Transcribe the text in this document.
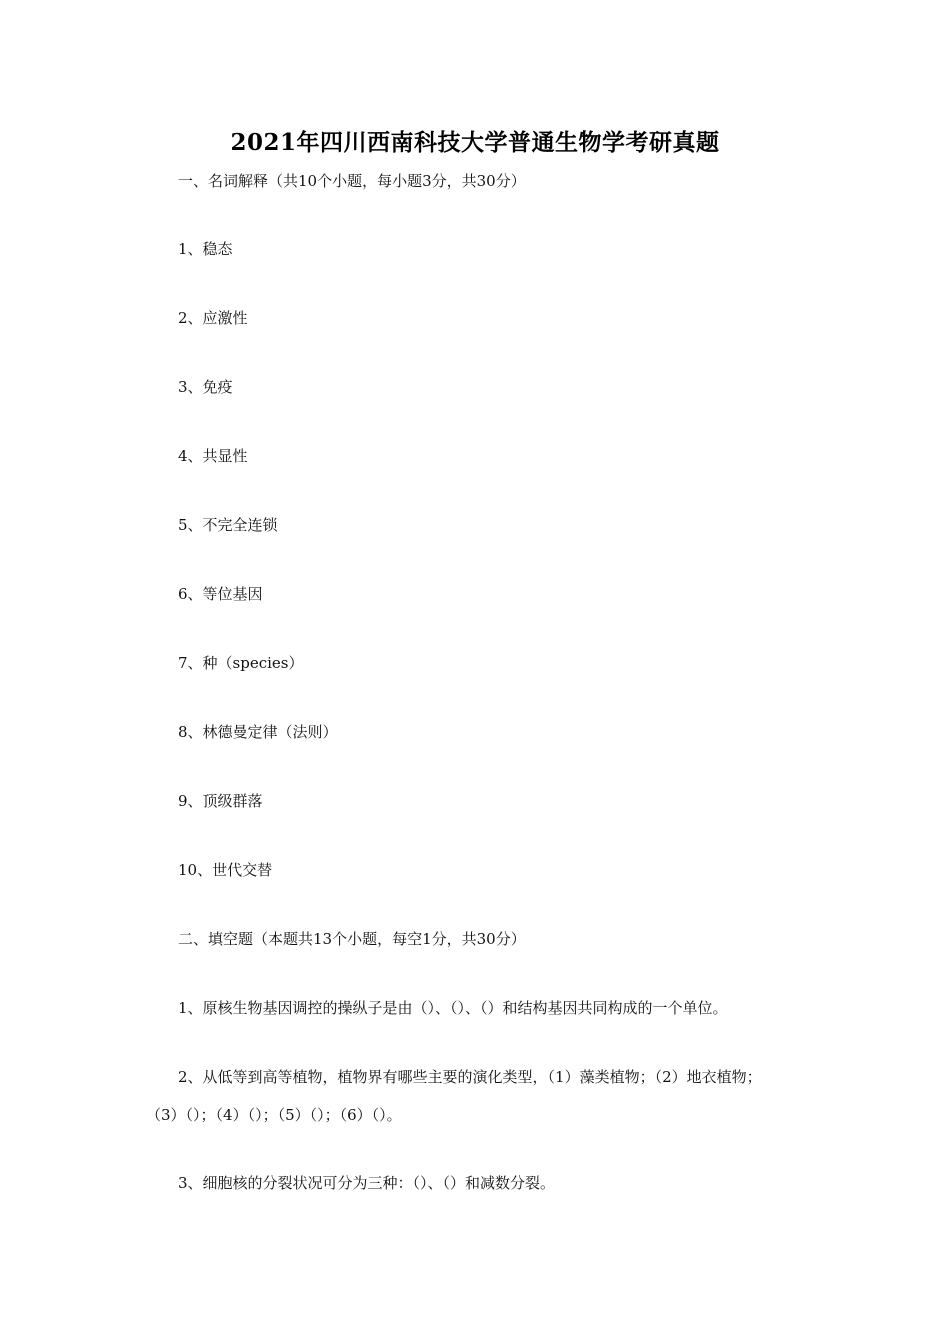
2021年四川西南科技大学普通生物学考研真题
一、名词解释（共10个小题，每小题3分，共30分）
1、稳态
2、应激性
3、免疫
4、共显性
5、不完全连锁
6、等位基因
7、种（species）
8、林德曼定律（法则）
9、顶级群落
10、世代交替
二、填空题（本题共13个小题，每空1分，共30分）
1、原核生物基因调控的操纵子是由（）、（）、（）和结构基因共同构成的一个单位。
2、从低等到高等植物，植物界有哪些主要的演化类型，（1）藻类植物；（2）地衣植物；
（3）（）；（4）（）；（5）（）；（6）（）。
3、细胞核的分裂状况可分为三种：（）、（）和减数分裂。
